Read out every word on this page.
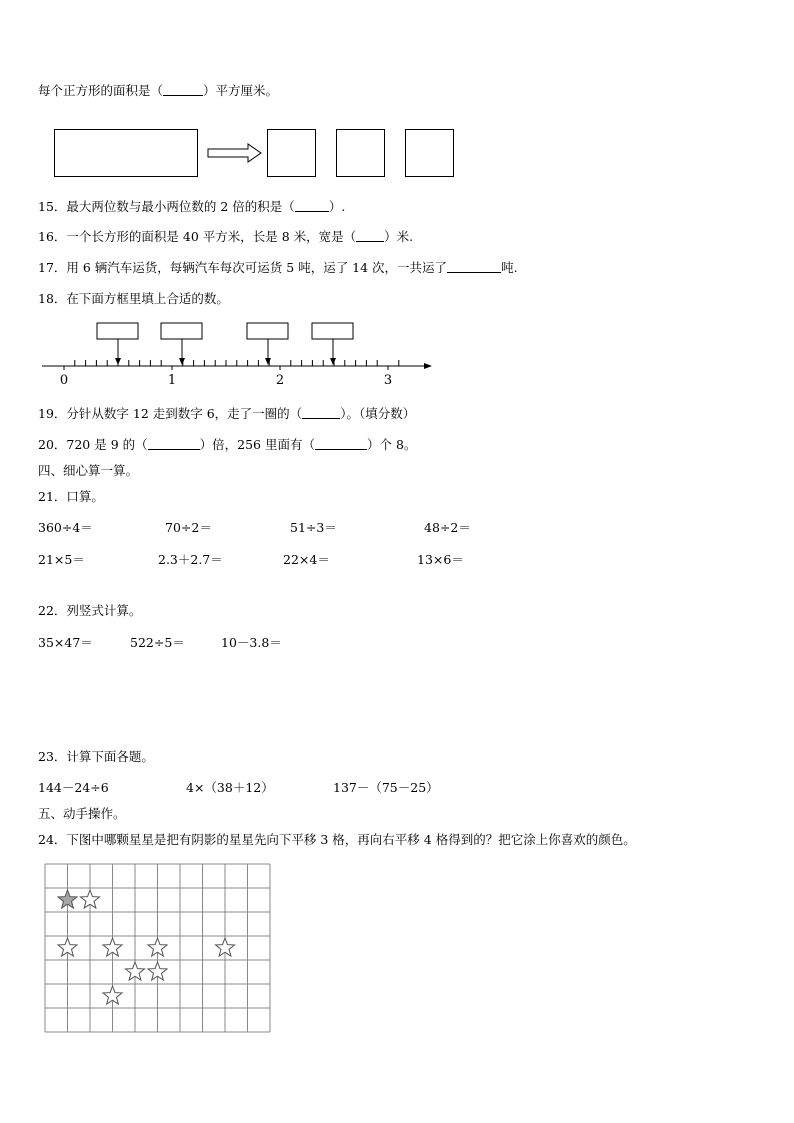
每个正方形的面积是（	）平方厘米。
15．最大两位数与最小两位数的 2 倍的积是（	）.
16．一个长方形的面积是 40 平方米，长是 8 米，宽是（ ）米.
17．用 6 辆汽车运货，每辆汽车每次可运货 5 吨，运了 14 次，一共运了	吨.
18．在下面方框里填上合适的数。
0	1	2	3
19．分针从数字 12 走到数字 6，走了一圈的（	）。（填分数）
20．720 是 9 的（	）倍，256 里面有（	）个 8。
四、细心算一算。
21．口算。
360÷4＝	70÷2＝	51÷3＝	48÷2＝
21×5＝	2.3＋2.7＝	22×4＝	13×6＝
22．列竖式计算。
35×47＝	522÷5＝	10－3.8＝
23．计算下面各题。
144－24÷6	4×（38＋12）	137－（75－25）
五、动手操作。
24．下图中哪颗星星是把有阴影的星星先向下平移 3 格，再向右平移 4 格得到的？把它涂上你喜欢的颜色。
